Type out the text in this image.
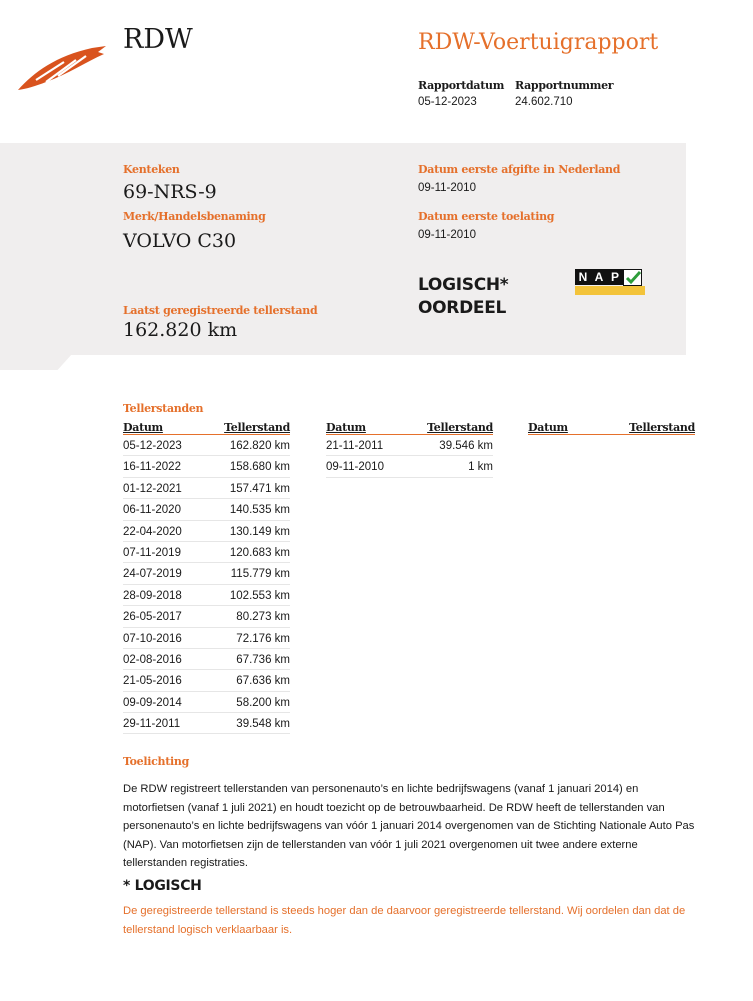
RDW	RDW-Voertuigrapport
Rapportdatum
05-12-2023
Rapportnummer
24.602.710
Kenteken
69-NRS-9
Merk/Handelsbenaming
VOLVO C30
Datum eerste afgifte in Nederland
09-11-2010
Datum eerste toelating
09-11-2010
Laatst geregistreerde tellerstand
162.820 km
LOGISCH*
OORDEEL
N A P
Tellerstanden
Datum	Tellerstand
05-12-2023	162.820 km
16-11-2022	158.680 km
01-12-2021	157.471 km
06-11-2020	140.535 km
22-04-2020	130.149 km
07-11-2019	120.683 km
24-07-2019	115.779 km
28-09-2018	102.553 km
26-05-2017	80.273 km
07-10-2016	72.176 km
02-08-2016	67.736 km
21-05-2016	67.636 km
09-09-2014	58.200 km
29-11-2011	39.548 km
Datum	Tellerstand
21-11-2011	39.546 km
09-11-2010	1 km
Datum	Tellerstand
Toelichting
De RDW registreert tellerstanden van personenauto’s en lichte bedrijfswagens (vanaf 1 januari 2014) en motorfietsen (vanaf 1 juli 2021) en houdt toezicht op de betrouwbaarheid. De RDW heeft de tellerstanden van personenauto’s en lichte bedrijfswagens van vóór 1 januari 2014 overgenomen van de Stichting Nationale Auto Pas (NAP). Van motorfietsen zijn de tellerstanden van vóór 1 juli 2021 overgenomen uit twee andere externe tellerstanden registraties.
* LOGISCH
De geregistreerde tellerstand is steeds hoger dan de daarvoor geregistreerde tellerstand. Wij oordelen dan dat de tellerstand logisch verklaarbaar is.
